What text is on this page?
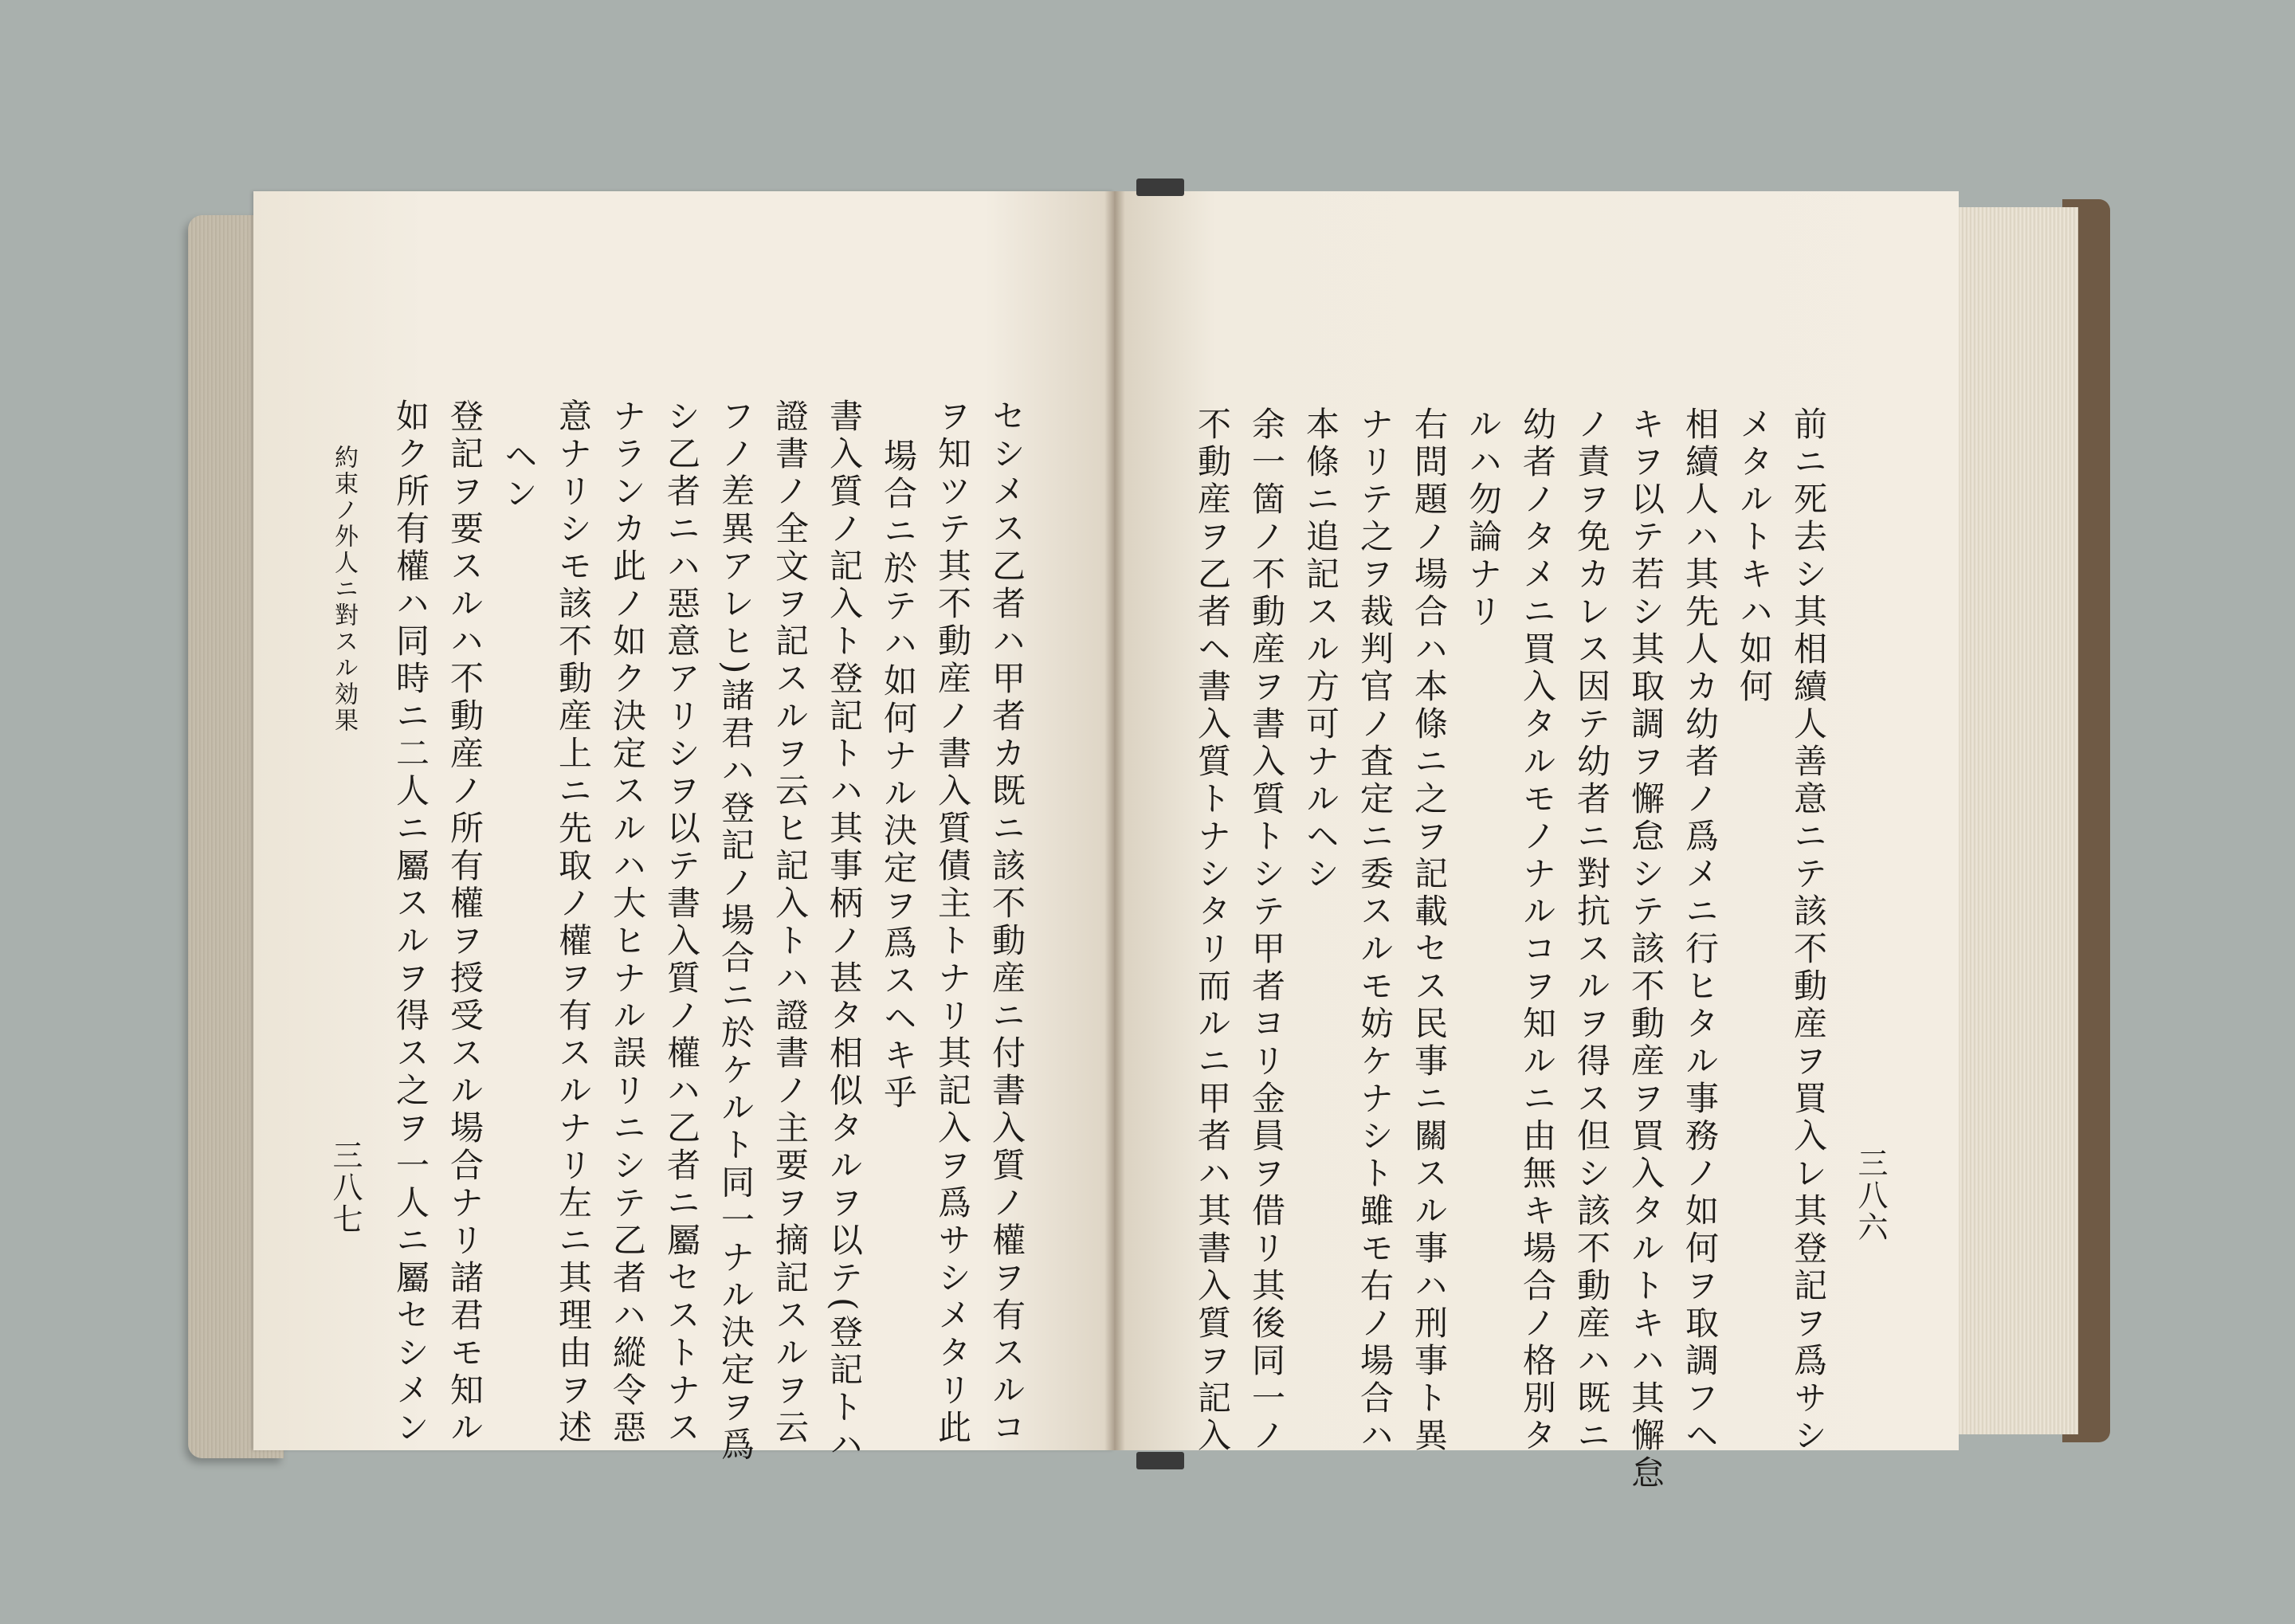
約束ノ外人ニ對スル効果
三八七 如ク所有權ハ同時ニ二人ニ屬スルヲ得ス之ヲ一人ニ屬セシメン 登記ヲ要スルハ不動産ノ所有權ヲ授受スル場合ナリ諸君モ知ル ヘン 意ナリシモ該不動産上ニ先取ノ權ヲ有スルナリ左ニ其理由ヲ述 ナランカ此ノ如ク決定スルハ大ヒナル誤リニシテ乙者ハ縱令惡 シ乙者ニハ惡意アリシヲ以テ書入質ノ權ハ乙者ニ屬セストナス フノ差異アレヒ)諸君ハ登記ノ場合ニ於ケルト同一ナル決定ヲ爲 證書ノ全文ヲ記スルヲ云ヒ記入トハ證書ノ主要ヲ摘記スルヲ云 書入質ノ記入ト登記トハ其事柄ノ甚タ相似タルヲ以テ(登記トハ 場合ニ於テハ如何ナル決定ヲ爲スヘキ乎 ヲ知ツテ其不動産ノ書入質債主トナリ其記入ヲ爲サシメタリ此 セシメス乙者ハ甲者カ既ニ該不動産ニ付書入質ノ權ヲ有スルコ	不動産ヲ乙者ヘ書入質トナシタリ而ルニ甲者ハ其書入質ヲ記入 余一箇ノ不動産ヲ書入質トシテ甲者ヨリ金員ヲ借リ其後同一ノ 本條ニ追記スル方可ナルヘシ ナリテ之ヲ裁判官ノ査定ニ委スルモ妨ケナシト雖モ右ノ場合ハ 右問題ノ場合ハ本條ニ之ヲ記載セス民事ニ關スル事ハ刑事ト異 ルハ勿論ナリ 幼者ノタメニ買入タルモノナルコヲ知ルニ由無キ場合ノ格別タ ノ責ヲ免カレス因テ幼者ニ對抗スルヲ得ス但シ該不動産ハ既ニ キヲ以テ若シ其取調ヲ懈怠シテ該不動産ヲ買入タルトキハ其懈怠 相續人ハ其先人カ幼者ノ爲メニ行ヒタル事務ノ如何ヲ取調フヘ メタルトキハ如何 前ニ死去シ其相續人善意ニテ該不動産ヲ買入レ其登記ヲ爲サシ 三八六
